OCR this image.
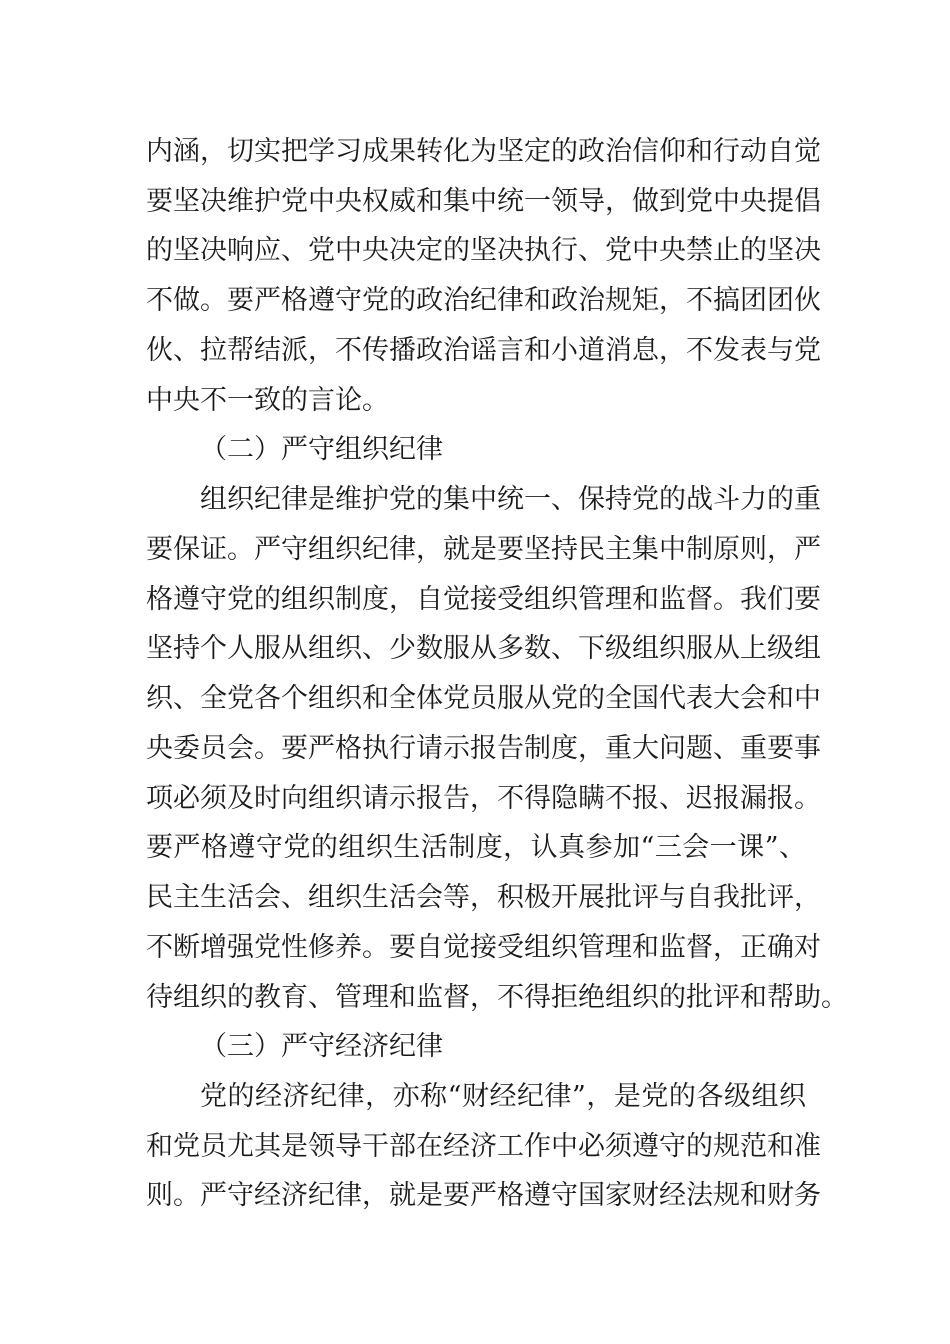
内涵，切实把学习成果转化为坚定的政治信仰和行动自觉
要坚决维护党中央权威和集中统一领导，做到党中央提倡
的坚决响应、党中央决定的坚决执行、党中央禁止的坚决
不做。要严格遵守党的政治纪律和政治规矩，不搞团团伙
伙、拉帮结派，不传播政治谣言和小道消息，不发表与党
中央不一致的言论。
（二）严守组织纪律
组织纪律是维护党的集中统一、保持党的战斗力的重
要保证。严守组织纪律，就是要坚持民主集中制原则，严
格遵守党的组织制度，自觉接受组织管理和监督。我们要
坚持个人服从组织、少数服从多数、下级组织服从上级组
织、全党各个组织和全体党员服从党的全国代表大会和中
央委员会。要严格执行请示报告制度，重大问题、重要事
项必须及时向组织请示报告，不得隐瞒不报、迟报漏报。
要严格遵守党的组织生活制度，认真参加“三会一课”、
民主生活会、组织生活会等，积极开展批评与自我批评，
不断增强党性修养。要自觉接受组织管理和监督，正确对
待组织的教育、管理和监督，不得拒绝组织的批评和帮助。
（三）严守经济纪律
党的经济纪律，亦称“财经纪律”，是党的各级组织
和党员尤其是领导干部在经济工作中必须遵守的规范和准
则。严守经济纪律，就是要严格遵守国家财经法规和财务
